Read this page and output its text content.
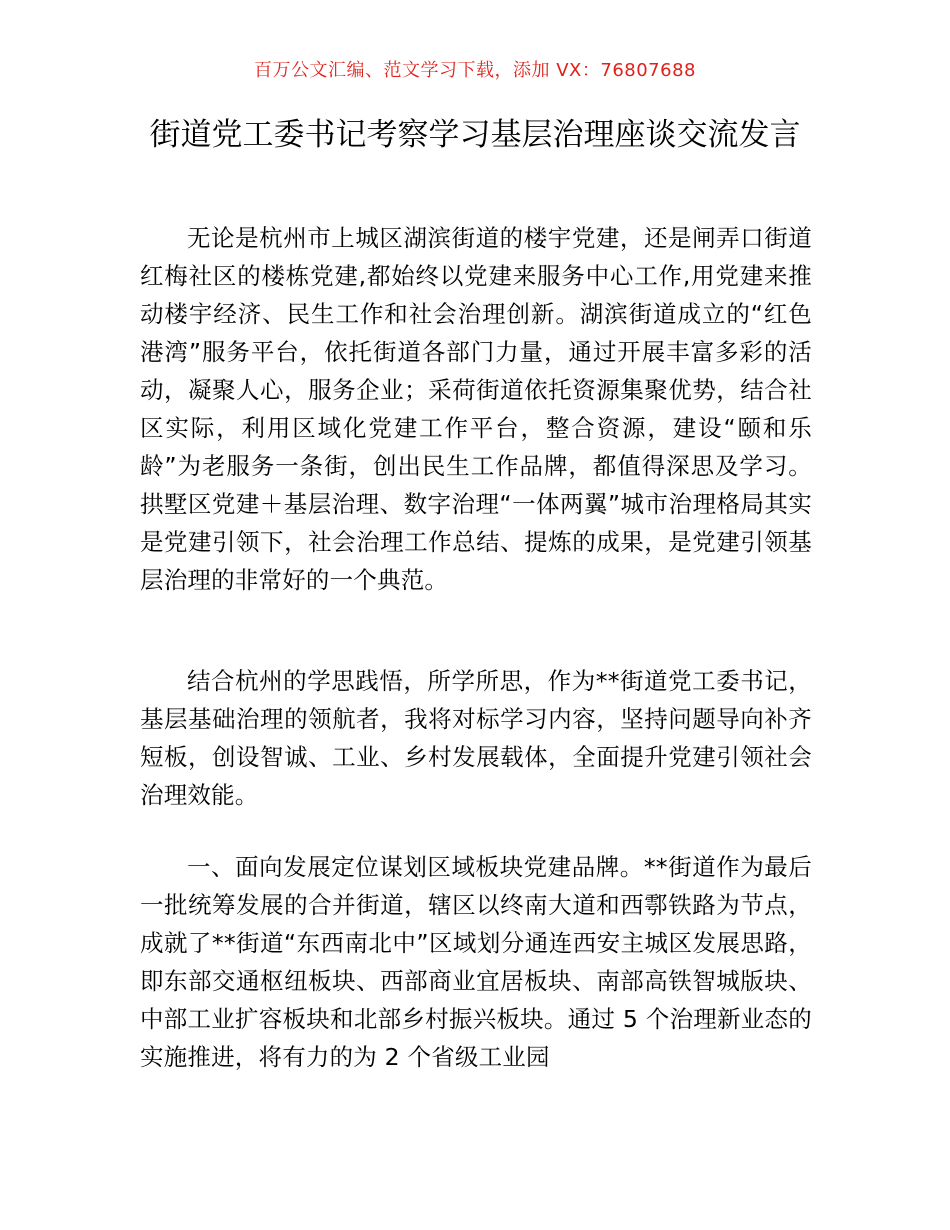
百万公文汇编、范文学习下载，添加 VX：76807688
街道党工委书记考察学习基层治理座谈交流发言

无论是杭州市上城区湖滨街道的楼宇党建，还是闸弄口街道红梅社区的楼栋党建,都始终以党建来服务中心工作,用党建来推动楼宇经济、民生工作和社会治理创新。湖滨街道成立的“红色港湾”服务平台，依托街道各部门力量，通过开展丰富多彩的活动，凝聚人心，服务企业；采荷街道依托资源集聚优势，结合社区实际，利用区域化党建工作平台，整合资源，建设“颐和乐龄”为老服务一条街，创出民生工作品牌，都值得深思及学习。拱墅区党建＋基层治理、数字治理“一体两翼”城市治理格局其实是党建引领下，社会治理工作总结、提炼的成果，是党建引领基层治理的非常好的一个典范。

结合杭州的学思践悟，所学所思，作为**街道党工委书记，基层基础治理的领航者，我将对标学习内容，坚持问题导向补齐短板，创设智诚、工业、乡村发展载体，全面提升党建引领社会治理效能。

一、面向发展定位谋划区域板块党建品牌。**街道作为最后一批统筹发展的合并街道，辖区以终南大道和西鄠铁路为节点，成就了**街道“东西南北中”区域划分通连西安主城区发展思路，即东部交通枢纽板块、西部商业宜居板块、南部高铁智城版块、中部工业扩容板块和北部乡村振兴板块。通过 5 个治理新业态的实施推进，将有力的为 2 个省级工业园
